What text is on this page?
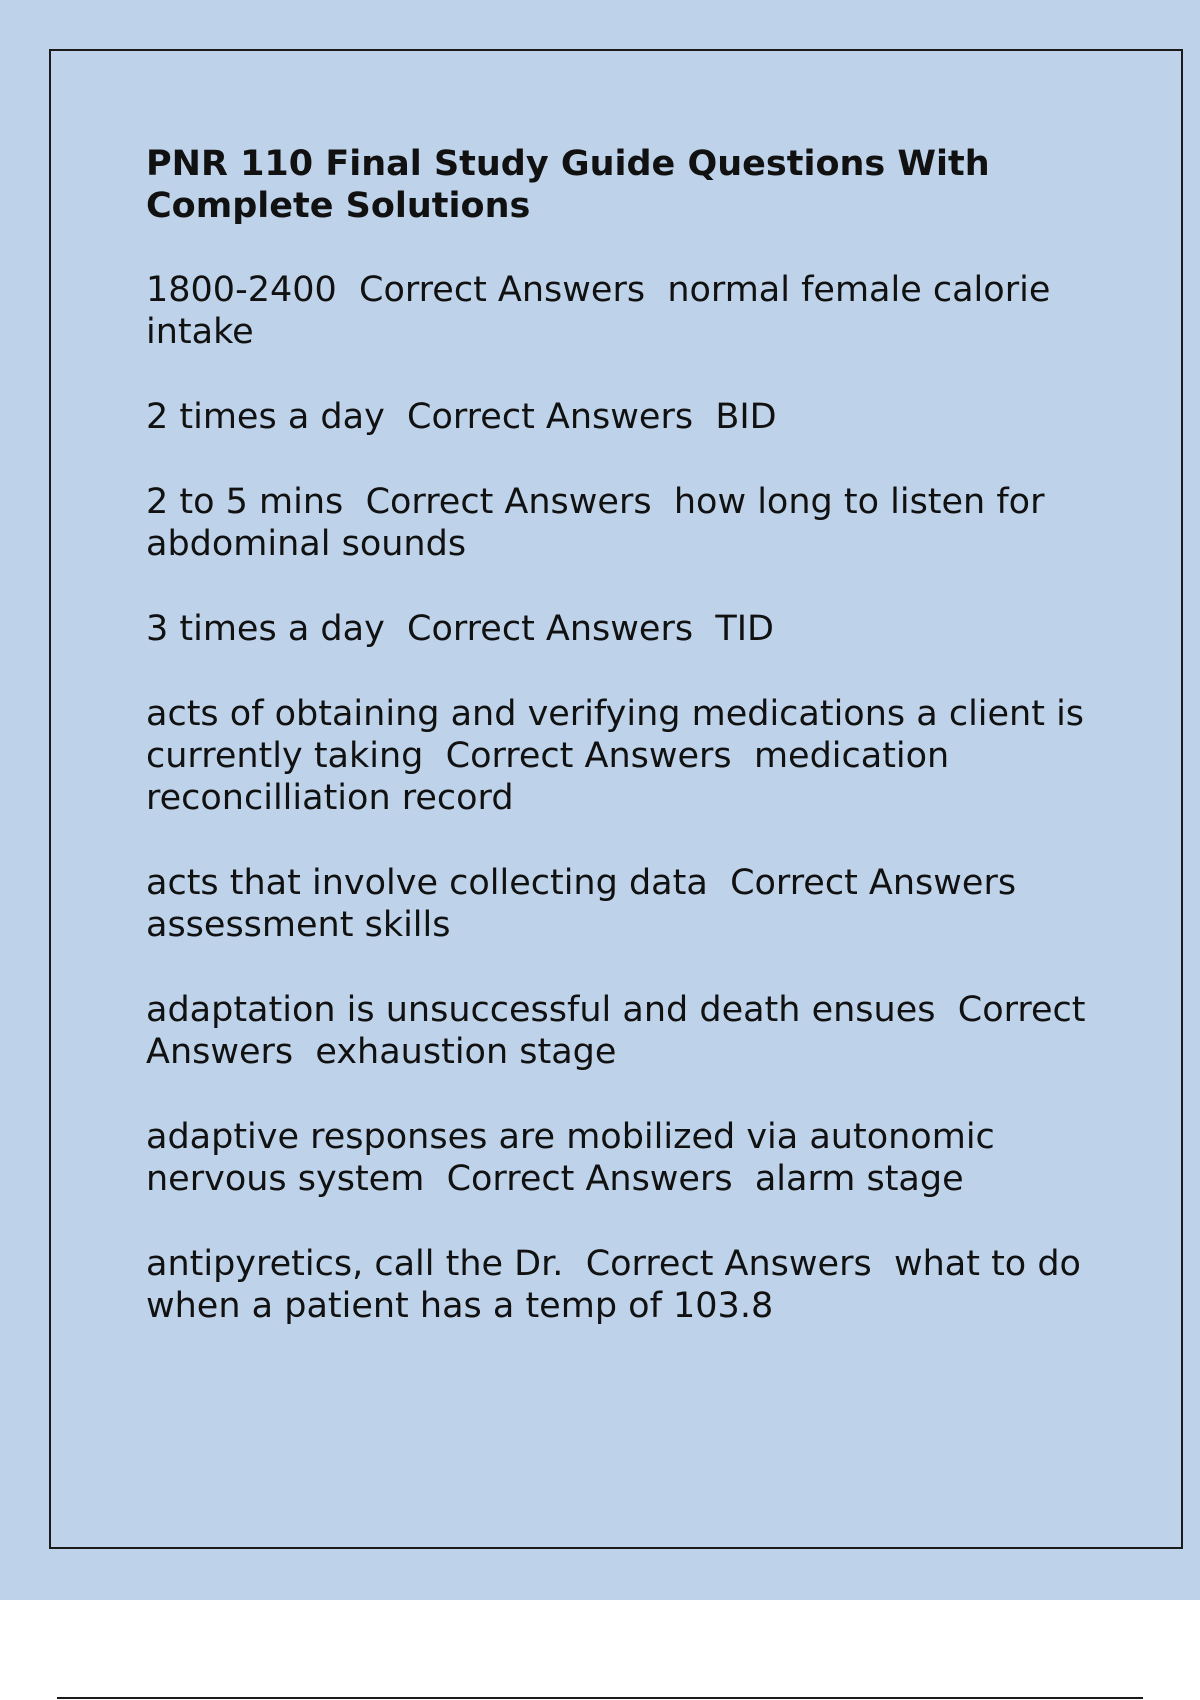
PNR 110 Final Study Guide Questions With Complete Solutions
1800-2400 Correct Answers normal female calorie intake
2 times a day Correct Answers BID
2 to 5 mins Correct Answers how long to listen for abdominal sounds
3 times a day Correct Answers TID
acts of obtaining and verifying medications a client is currently taking Correct Answers medication reconcilliation record
acts that involve collecting data Correct Answers  assessment skills
adaptation is unsuccessful and death ensues Correct Answers exhaustion stage
adaptive responses are mobilized via autonomic nervous system Correct Answers alarm stage
antipyretics, call the Dr. Correct Answers what to do when a patient has a temp of 103.8
